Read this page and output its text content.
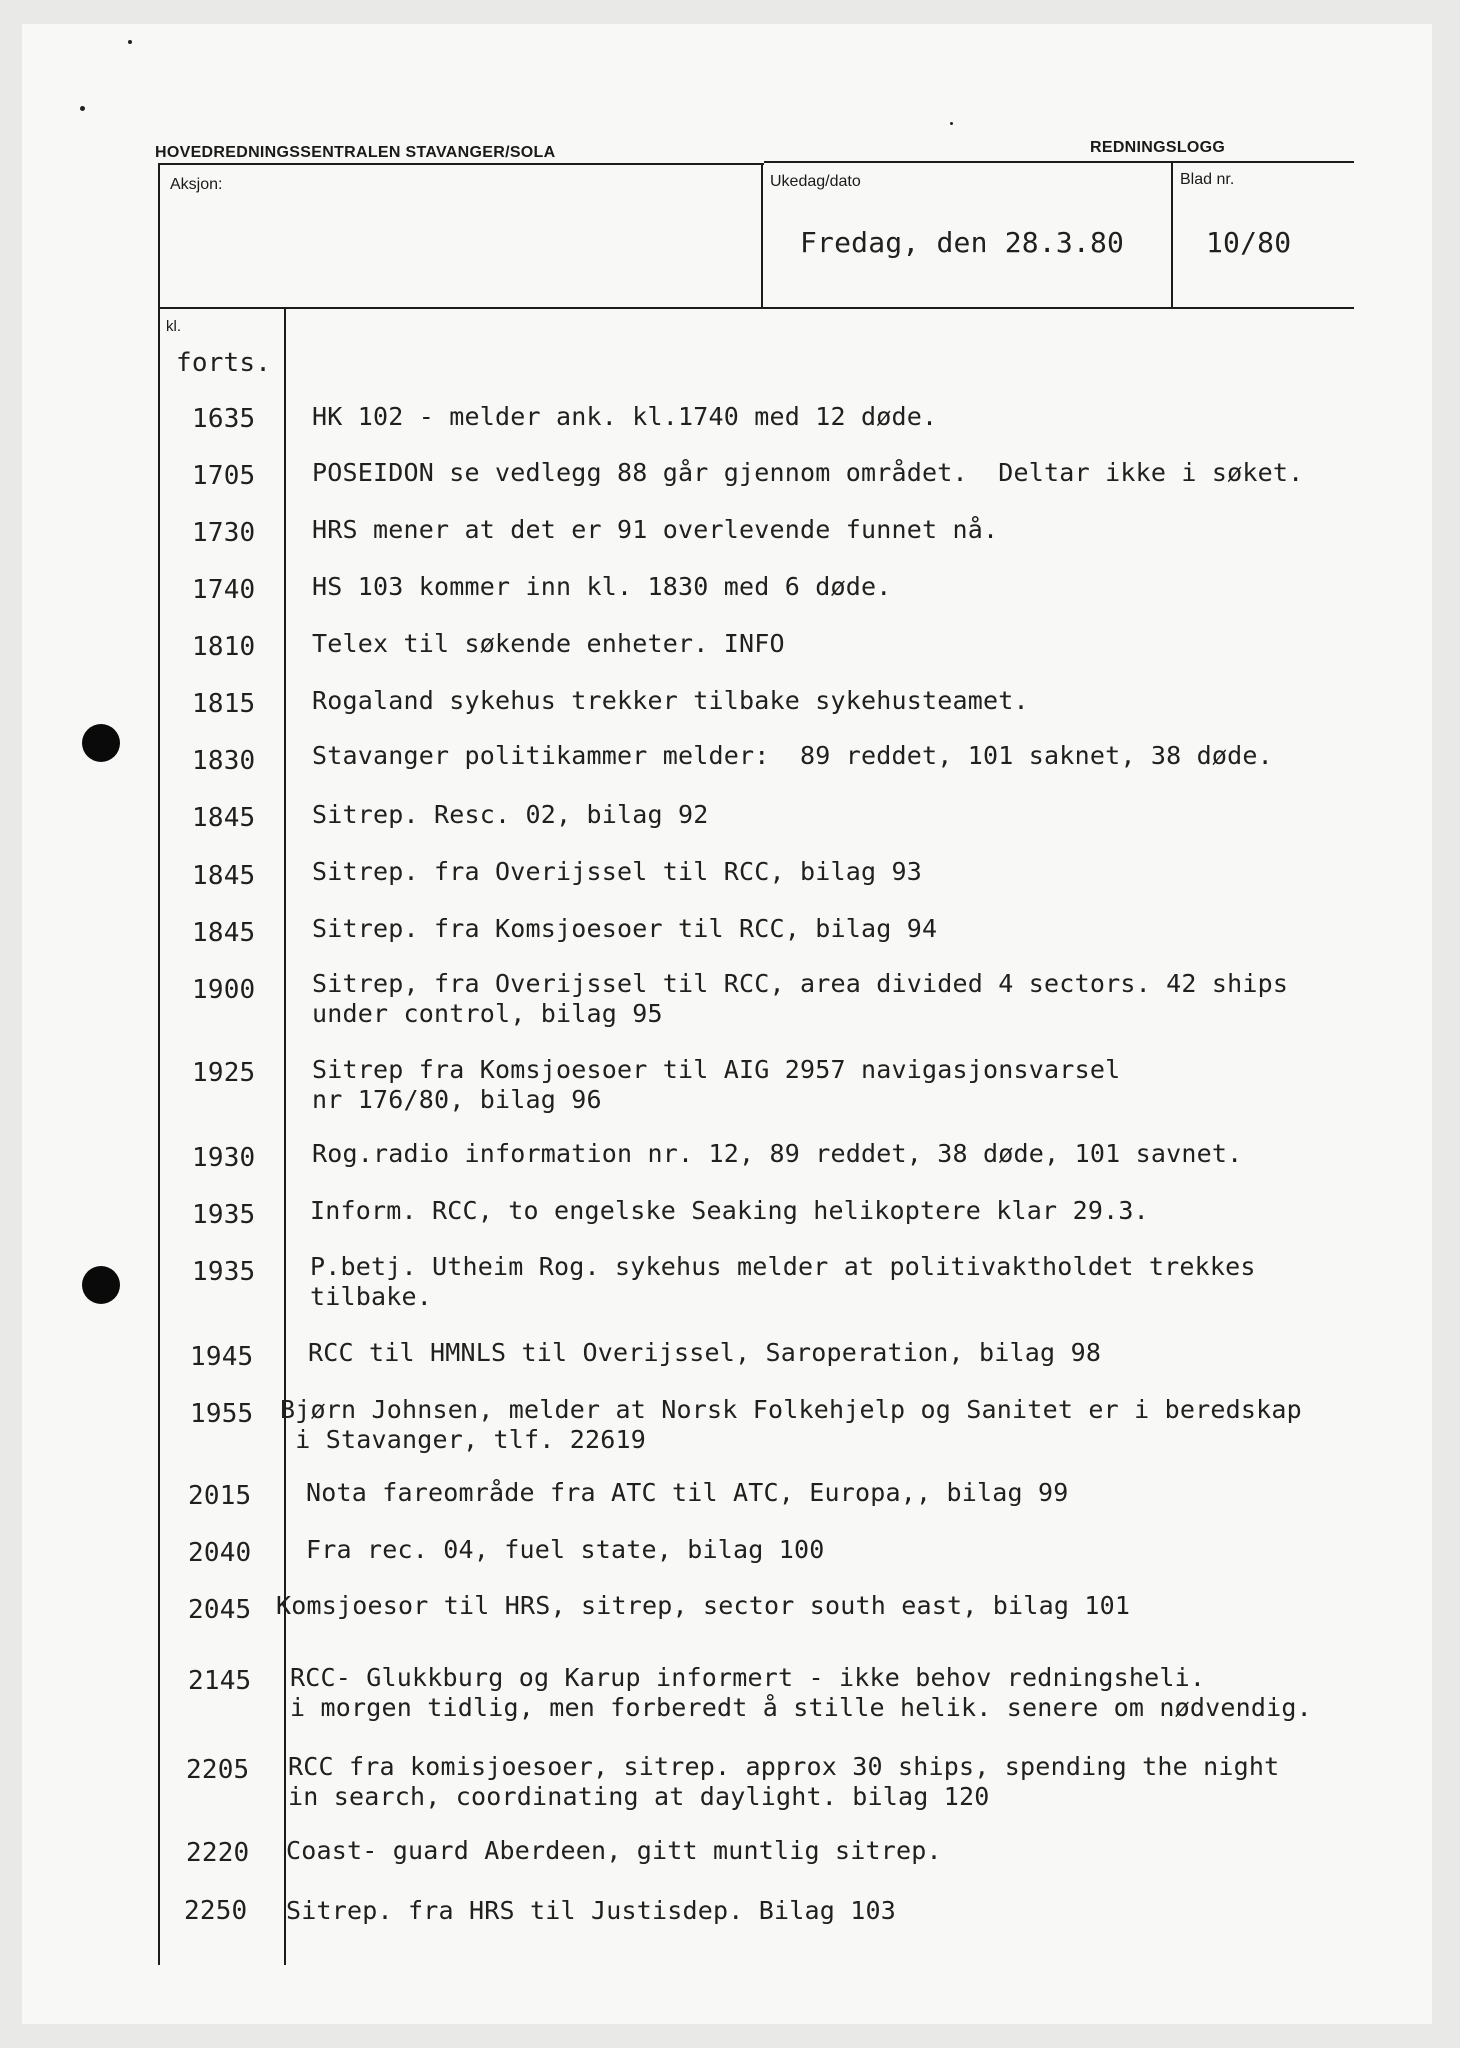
HOVEDREDNINGSSENTRALEN STAVANGER/SOLA	REDNINGSLOGG
Aksjon:	Ukedag/dato
Fredag, den 28.3.80
Blad nr.
10/80
kl.
forts.
1635 HK 102 - melder ank. kl.1740 med 12 døde.
1705 POSEIDON se vedlegg 88 går gjennom området.  Deltar ikke i søket.
1730 HRS mener at det er 91 overlevende funnet nå.
1740 HS 103 kommer inn kl. 1830 med 6 døde.
1810 Telex til søkende enheter. INFO
1815 Rogaland sykehus trekker tilbake sykehusteamet.
1830 Stavanger politikammer melder:  89 reddet, 101 saknet, 38 døde.
1845 Sitrep. Resc. 02, bilag 92
1845 Sitrep. fra Overijssel til RCC, bilag 93
1845 Sitrep. fra Komsjoesoer til RCC, bilag 94
1900 Sitrep, fra Overijssel til RCC, area divided 4 sectors. 42 ships
under control, bilag 95
1925 Sitrep fra Komsjoesoer til AIG 2957 navigasjonsvarsel
nr 176/80, bilag 96
1930 Rog.radio information nr. 12, 89 reddet, 38 døde, 101 savnet.
1935 Inform. RCC, to engelske Seaking helikoptere klar 29.3.
1935 P.betj. Utheim Rog. sykehus melder at politivaktholdet trekkes
tilbake.
1945 RCC til HMNLS til Overijssel, Saroperation, bilag 98
1955 Bjørn Johnsen, melder at Norsk Folkehjelp og Sanitet er i beredskap
i Stavanger, tlf. 22619
2015 Nota fareområde fra ATC til ATC, Europa,, bilag 99
2040 Fra rec. 04, fuel state, bilag 100
2045 Komsjoesor til HRS, sitrep, sector south east, bilag 101
2145 RCC- Glukkburg og Karup informert - ikke behov redningsheli.
i morgen tidlig, men forberedt å stille helik. senere om nødvendig.
2205 RCC fra komisjoesoer, sitrep. approx 30 ships, spending the night
in search, coordinating at daylight. bilag 120
2220 Coast- guard Aberdeen, gitt muntlig sitrep.
2250 Sitrep. fra HRS til Justisdep. Bilag 103
